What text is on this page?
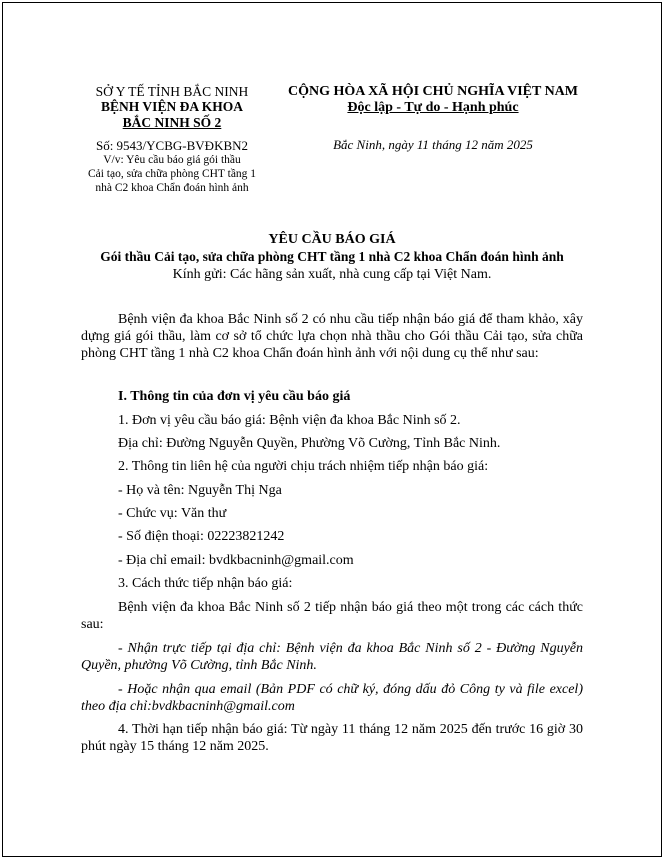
SỞ Y TẾ TỈNH BẮC NINH
BỆNH VIỆN ĐA KHOA
BẮC NINH SỐ 2
Số: 9543/YCBG-BVĐKBN2
V/v: Yêu cầu báo giá gói thầu
Cải tạo, sửa chữa phòng CHT tầng 1
nhà C2 khoa Chẩn đoán hình ảnh
CỘNG HÒA XÃ HỘI CHỦ NGHĨA VIỆT NAM
Độc lập - Tự do - Hạnh phúc
Bắc Ninh, ngày 11 tháng 12 năm 2025
YÊU CẦU BÁO GIÁ
Gói thầu Cải tạo, sửa chữa phòng CHT tầng 1 nhà C2 khoa Chẩn đoán hình ảnh
Kính gửi: Các hãng sản xuất, nhà cung cấp tại Việt Nam.
Bệnh viện đa khoa Bắc Ninh số 2 có nhu cầu tiếp nhận báo giá để tham khảo, xây dựng giá gói thầu, làm cơ sở tổ chức lựa chọn nhà thầu cho Gói thầu Cải tạo, sửa chữa phòng CHT tầng 1 nhà C2 khoa Chẩn đoán hình ảnh với nội dung cụ thể như sau:
I. Thông tin của đơn vị yêu cầu báo giá
1. Đơn vị yêu cầu báo giá: Bệnh viện đa khoa Bắc Ninh số 2.
Địa chỉ: Đường Nguyễn Quyền, Phường Võ Cường, Tỉnh Bắc Ninh.
2. Thông tin liên hệ của người chịu trách nhiệm tiếp nhận báo giá:
- Họ và tên: Nguyễn Thị Nga
- Chức vụ: Văn thư
- Số điện thoại: 02223821242
- Địa chỉ email: bvdkbacninh@gmail.com
3. Cách thức tiếp nhận báo giá:
Bệnh viện đa khoa Bắc Ninh số 2 tiếp nhận báo giá theo một trong các cách thức sau:
- Nhận trực tiếp tại địa chỉ: Bệnh viện đa khoa Bắc Ninh số 2 - Đường Nguyễn Quyền, phường Võ Cường, tỉnh Bắc Ninh.
- Hoặc nhận qua email (Bản PDF có chữ ký, đóng dấu đỏ Công ty và file excel) theo địa chỉ:bvdkbacninh@gmail.com
4. Thời hạn tiếp nhận báo giá: Từ ngày 11 tháng 12 năm 2025 đến trước 16 giờ 30 phút ngày 15 tháng 12 năm 2025.
